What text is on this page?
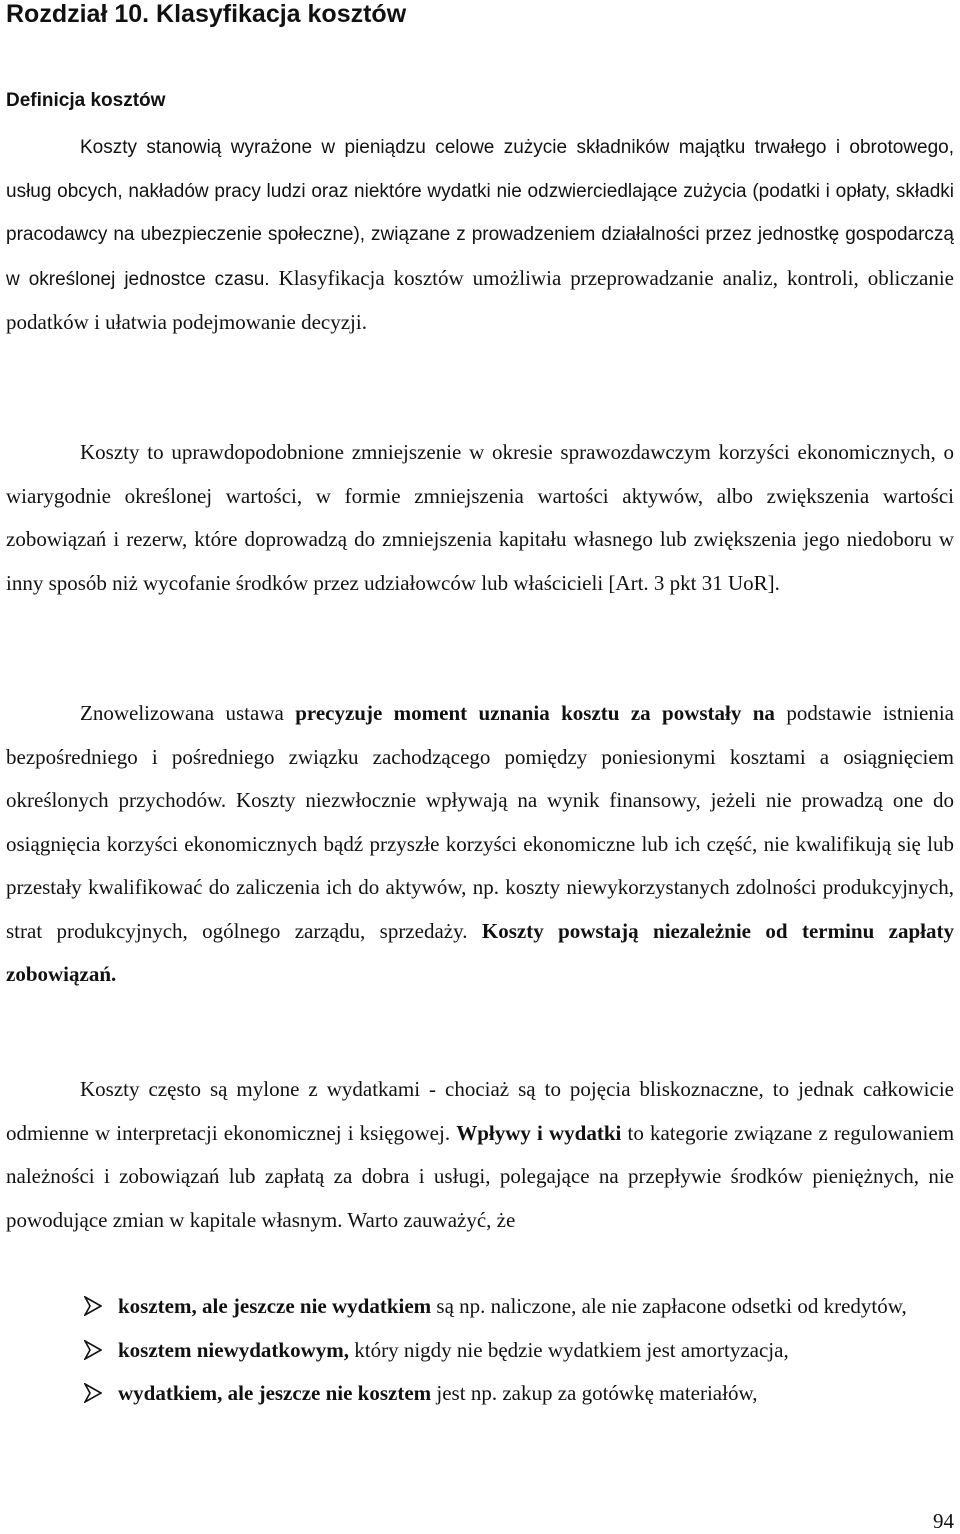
Rozdział 10. Klasyfikacja kosztów
Definicja kosztów

Koszty stanowią wyrażone w pieniądzu celowe zużycie składników majątku trwałego i obrotowego, usług obcych, nakładów pracy ludzi oraz niektóre wydatki nie odzwierciedlające zużycia (podatki i opłaty, składki pracodawcy na ubezpieczenie społeczne), związane z prowadzeniem działalności przez jednostkę gospodarczą w określonej jednostce czasu. Klasyfikacja kosztów umożliwia przeprowadzanie analiz, kontroli, obliczanie podatków i ułatwia podejmowanie decyzji.

Koszty to uprawdopodobnione zmniejszenie w okresie sprawozdawczym korzyści ekonomicznych, o wiarygodnie określonej wartości, w formie zmniejszenia wartości aktywów, albo zwiększenia wartości zobowiązań i rezerw, które doprowadzą do zmniejszenia kapitału własnego lub zwiększenia jego niedoboru w inny sposób niż wycofanie środków przez udziałowców lub właścicieli [Art. 3 pkt 31 UoR].

Znowelizowana ustawa precyzuje moment uznania kosztu za powstały na podstawie istnienia bezpośredniego i pośredniego związku zachodzącego pomiędzy poniesionymi kosztami a osiągnięciem określonych przychodów. Koszty niezwłocznie wpływają na wynik finansowy, jeżeli nie prowadzą one do osiągnięcia korzyści ekonomicznych bądź przyszłe korzyści ekonomiczne lub ich część, nie kwalifikują się lub przestały kwalifikować do zaliczenia ich do aktywów, np. koszty niewykorzystanych zdolności produkcyjnych, strat produkcyjnych, ogólnego zarządu, sprzedaży. Koszty powstają niezależnie od terminu zapłaty zobowiązań.

Koszty często są mylone z wydatkami - chociaż są to pojęcia bliskoznaczne, to jednak całkowicie odmienne w interpretacji ekonomicznej i księgowej. Wpływy i wydatki to kategorie związane z regulowaniem należności i zobowiązań lub zapłatą za dobra i usługi, polegające na przepływie środków pieniężnych, nie powodujące zmian w kapitale własnym. Warto zauważyć, że

kosztem, ale jeszcze nie wydatkiem są np. naliczone, ale nie zapłacone odsetki od kredytów,
kosztem niewydatkowym, który nigdy nie będzie wydatkiem jest amortyzacja,
wydatkiem, ale jeszcze nie kosztem jest np. zakup za gotówkę materiałów,
94
